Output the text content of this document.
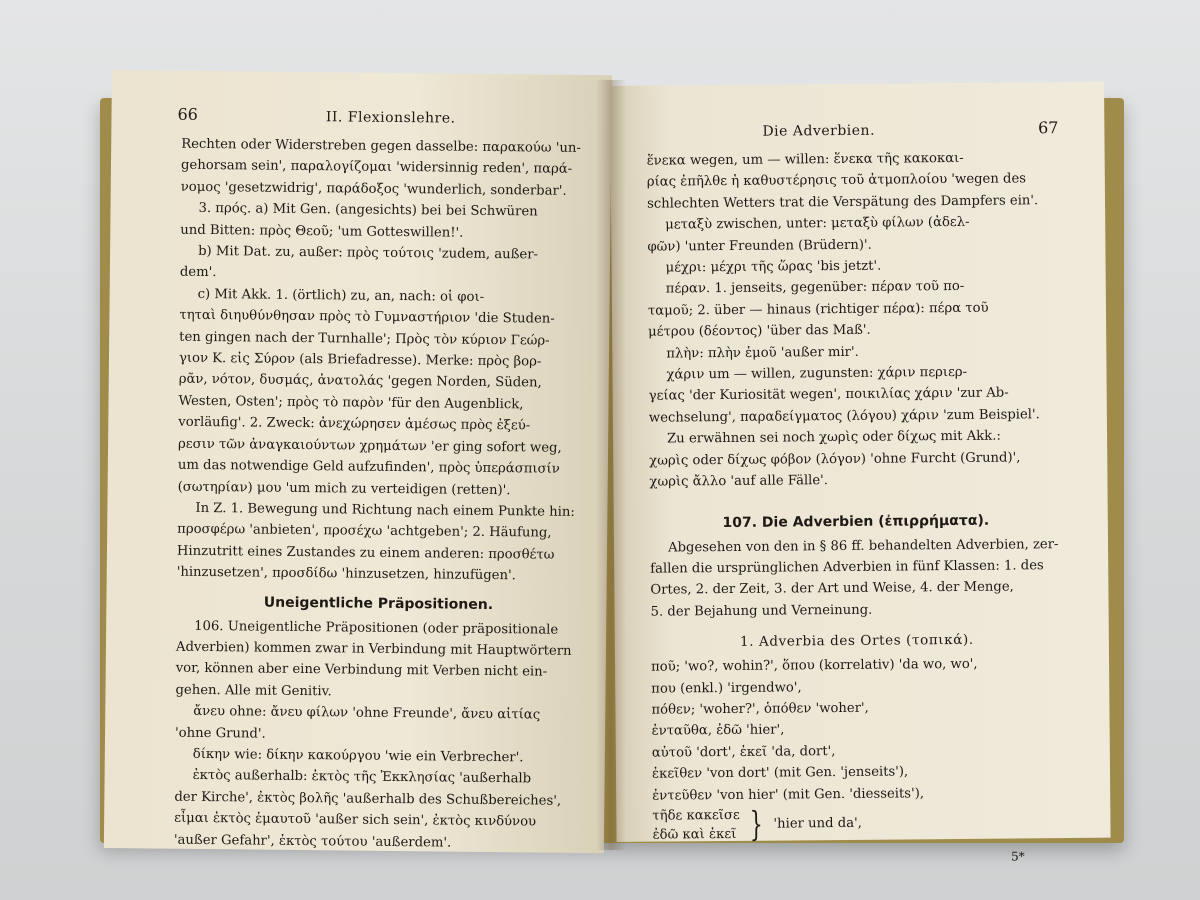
66	II. Flexionslehre.
Rechten oder Widerstreben gegen dasselbe: παρακούω 'un-
gehorsam sein', παραλογίζομαι 'widersinnig reden', παρά-
νομος 'gesetzwidrig', παράδοξος 'wunderlich, sonderbar'.
3. πρός. a) Mit Gen. (angesichts) bei bei Schwüren
und Bitten: πρὸς Θεοῦ; 'um Gotteswillen!'.
b) Mit Dat. zu, außer: πρὸς τούτοις 'zudem, außer-
dem'.
c) Mit Akk. 1. (örtlich) zu, an, nach: οἱ φοι-
τηταὶ διηυθύνθησαν πρὸς τὸ Γυμναστήριον 'die Studen-
ten gingen nach der Turnhalle'; Πρὸς τὸν κύριον Γεώρ-
γιον Κ. εἰς Σύρον (als Briefadresse). Merke: πρὸς βορ-
ρᾶν, νότον, δυσμάς, ἀνατολάς 'gegen Norden, Süden,
Westen, Osten'; πρὸς τὸ παρὸν 'für den Augenblick,
vorläufig'. 2. Zweck: ἀνεχώρησεν ἀμέσως πρὸς ἐξεύ-
ρεσιν τῶν ἀναγκαιούντων χρημάτων 'er ging sofort weg,
um das notwendige Geld aufzufinden', πρὸς ὑπεράσπισίν
(σωτηρίαν) μου 'um mich zu verteidigen (retten)'.
In Z. 1. Bewegung und Richtung nach einem Punkte hin:
προσφέρω 'anbieten', προσέχω 'achtgeben'; 2. Häufung,
Hinzutritt eines Zustandes zu einem anderen: προσθέτω
'hinzusetzen', προσδίδω 'hinzusetzen, hinzufügen'.
Uneigentliche Präpositionen.
106. Uneigentliche Präpositionen (oder präpositionale
Adverbien) kommen zwar in Verbindung mit Hauptwörtern
vor, können aber eine Verbindung mit Verben nicht ein-
gehen. Alle mit Genitiv.
ἄνευ ohne: ἄνευ φίλων 'ohne Freunde', ἄνευ αἰτίας
'ohne Grund'.
δίκην wie: δίκην κακούργου 'wie ein Verbrecher'.
ἐκτὸς außerhalb: ἐκτὸς τῆς Ἐκκλησίας 'außerhalb
der Kirche', ἐκτὸς βολῆς 'außerhalb des Schußbereiches',
εἶμαι ἐκτὸς ἑμαυτοῦ 'außer sich sein', ἐκτὸς κινδύνου
'außer Gefahr', ἐκτὸς τούτου 'außerdem'.
Die Adverbien.	67
ἕνεκα wegen, um — willen: ἕνεκα τῆς κακοκαι-
ρίας ἐπῆλθε ἡ καθυστέρησις τοῦ ἀτμοπλοίου 'wegen des
schlechten Wetters trat die Verspätung des Dampfers ein'.
μεταξὺ zwischen, unter: μεταξὺ φίλων (ἀδελ-
φῶν) 'unter Freunden (Brüdern)'.
μέχρι: μέχρι τῆς ὥρας 'bis jetzt'.
πέραν. 1. jenseits, gegenüber: πέραν τοῦ πο-
ταμοῦ; 2. über — hinaus (richtiger πέρα): πέρα τοῦ
μέτρου (δέοντος) 'über das Maß'.
πλὴν: πλὴν ἐμοῦ 'außer mir'.
χάριν um — willen, zugunsten: χάριν περιερ-
γείας 'der Kuriosität wegen', ποικιλίας χάριν 'zur Ab-
wechselung', παραδείγματος (λόγου) χάριν 'zum Beispiel'.
Zu erwähnen sei noch χωρὶς oder δίχως mit Akk.:
χωρὶς oder δίχως φόβον (λόγον) 'ohne Furcht (Grund)',
χωρὶς ἄλλο 'auf alle Fälle'.
107. Die Adverbien (ἐπιρρήματα).
Abgesehen von den in § 86 ff. behandelten Adverbien, zer-
fallen die ursprünglichen Adverbien in fünf Klassen: 1. des
Ortes, 2. der Zeit, 3. der Art und Weise, 4. der Menge,
5. der Bejahung und Verneinung.
1. Adverbia des Ortes (τοπικά).
ποῦ; 'wo?, wohin?', ὅπου (korrelativ) 'da wo, wo',
που (enkl.) 'irgendwo',
πόθεν; 'woher?', ὁπόθεν 'woher',
ἐνταῦθα, ἐδῶ 'hier',
αὐτοῦ 'dort', ἐκεῖ 'da, dort',
ἐκεῖθεν 'von dort' (mit Gen. 'jenseits'),
ἐντεῦθεν 'von hier' (mit Gen. 'diesseits'),
τῆδε κακεῖσε
ἐδῶ καὶ ἐκεῖ } 'hier und da',
5*
